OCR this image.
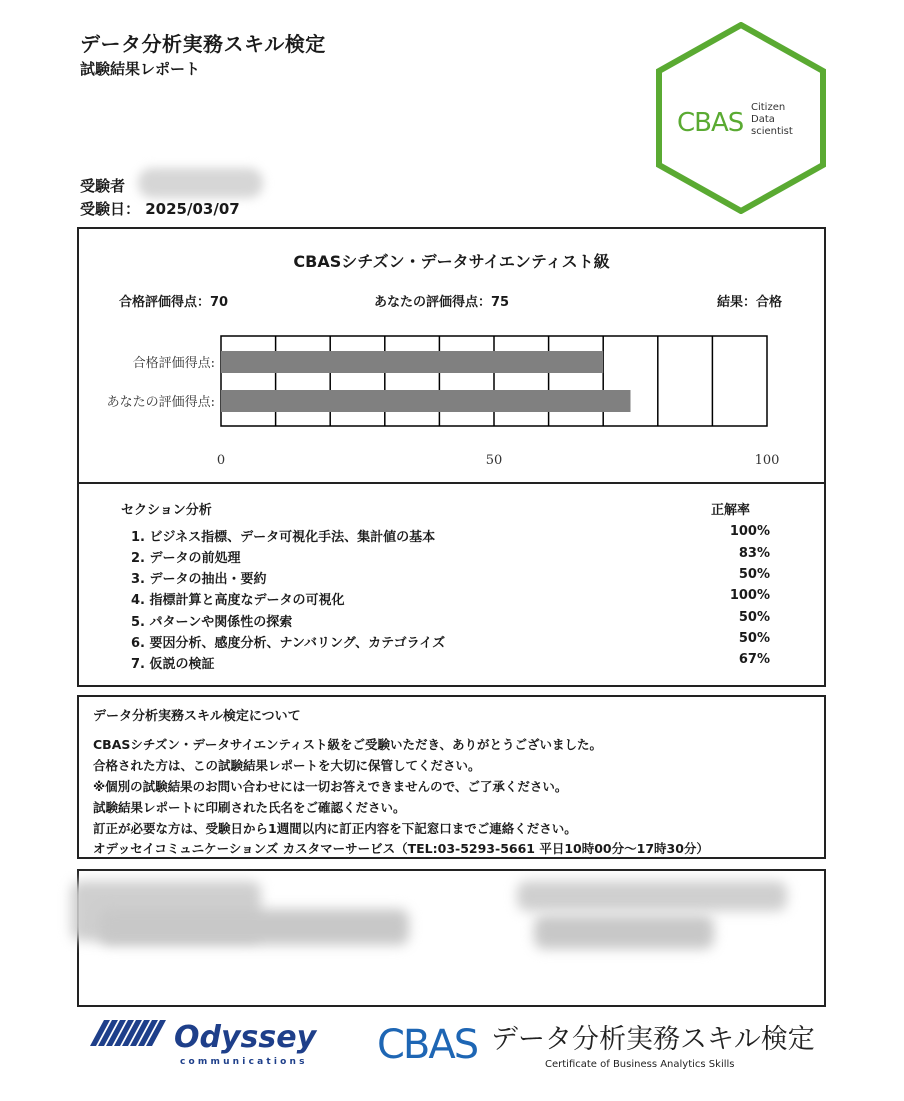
データ分析実務スキル検定
試験結果レポート
受験者
受験日： 2025/03/07
CBAS
Citizen
Data
scientist
CBASシチズン・データサイエンティスト級
合格評価得点：70	あなたの評価得点：75	結果：合格
合格評価得点:
あなたの評価得点:
0	50	100
セクション分析	正解率
1. ビジネス指標、データ可視化手法、集計値の基本	100%
2. データの前処理	83%
3. データの抽出・要約	50%
4. 指標計算と高度なデータの可視化	100%
5. パターンや関係性の探索	50%
6. 要因分析、感度分析、ナンバリング、カテゴライズ	50%
7. 仮説の検証	67%
データ分析実務スキル検定について
CBASシチズン・データサイエンティスト級をご受験いただき、ありがとうございました。
合格された方は、この試験結果レポートを大切に保管してください。
※個別の試験結果のお問い合わせには一切お答えできませんので、ご了承ください。
試験結果レポートに印刷された氏名をご確認ください。
訂正が必要な方は、受験日から1週間以内に訂正内容を下記窓口までご連絡ください。
オデッセイコミュニケーションズ カスタマーサービス（TEL:03-5293-5661 平日10時00分～17時30分）
Odyssey
communications CBAS データ分析実務スキル検定
Certificate of Business Analytics Skills
